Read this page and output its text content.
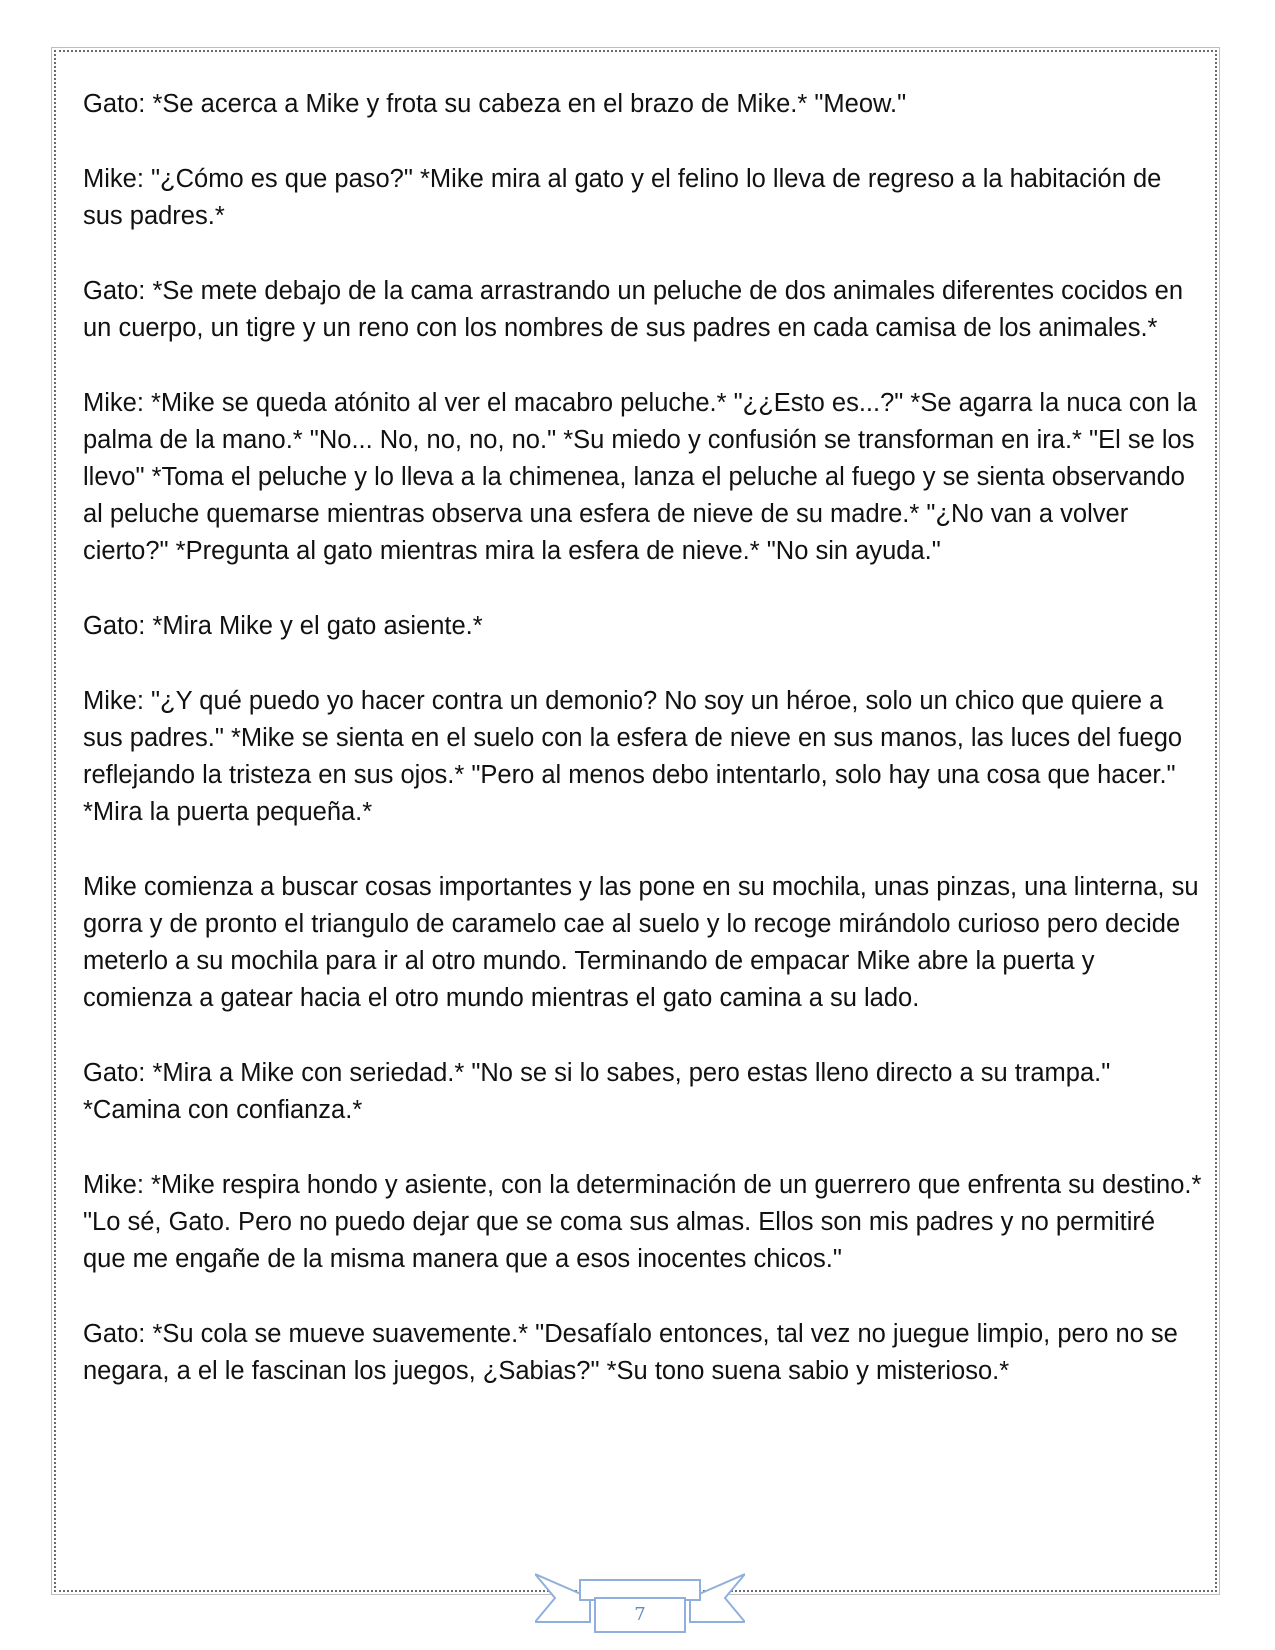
Gato: *Se acerca a Mike y frota su cabeza en el brazo de Mike.* "Meow."

Mike: "¿Cómo es que paso?" *Mike mira al gato y el felino lo lleva de regreso a la habitación de sus padres.*

Gato: *Se mete debajo de la cama arrastrando un peluche de dos animales diferentes cocidos en un cuerpo, un tigre y un reno con los nombres de sus padres en cada camisa de los animales.*

Mike: *Mike se queda atónito al ver el macabro peluche.* "¿¿Esto es...?" *Se agarra la nuca con la palma de la mano.* "No... No, no, no, no." *Su miedo y confusión se transforman en ira.* "El se los llevo" *Toma el peluche y lo lleva a la chimenea, lanza el peluche al fuego y se sienta observando al peluche quemarse mientras observa una esfera de nieve de su madre.* "¿No van a volver cierto?" *Pregunta al gato mientras mira la esfera de nieve.* "No sin ayuda."

Gato: *Mira Mike y el gato asiente.*

Mike: "¿Y qué puedo yo hacer contra un demonio? No soy un héroe, solo un chico que quiere a sus padres." *Mike se sienta en el suelo con la esfera de nieve en sus manos, las luces del fuego reflejando la tristeza en sus ojos.* "Pero al menos debo intentarlo, solo hay una cosa que hacer." *Mira la puerta pequeña.*

Mike comienza a buscar cosas importantes y las pone en su mochila, unas pinzas, una linterna, su gorra y de pronto el triangulo de caramelo cae al suelo y lo recoge mirándolo curioso pero decide meterlo a su mochila para ir al otro mundo. Terminando de empacar Mike abre la puerta y comienza a gatear hacia el otro mundo mientras el gato camina a su lado.

Gato: *Mira a Mike con seriedad.* "No se si lo sabes, pero estas lleno directo a su trampa." *Camina con confianza.*

Mike: *Mike respira hondo y asiente, con la determinación de un guerrero que enfrenta su destino.* "Lo sé, Gato. Pero no puedo dejar que se coma sus almas. Ellos son mis padres y no permitiré que me engañe de la misma manera que a esos inocentes chicos."

Gato: *Su cola se mueve suavemente.* "Desafíalo entonces, tal vez no juegue limpio, pero no se negara, a el le fascinan los juegos, ¿Sabias?" *Su tono suena sabio y misterioso.*

7
